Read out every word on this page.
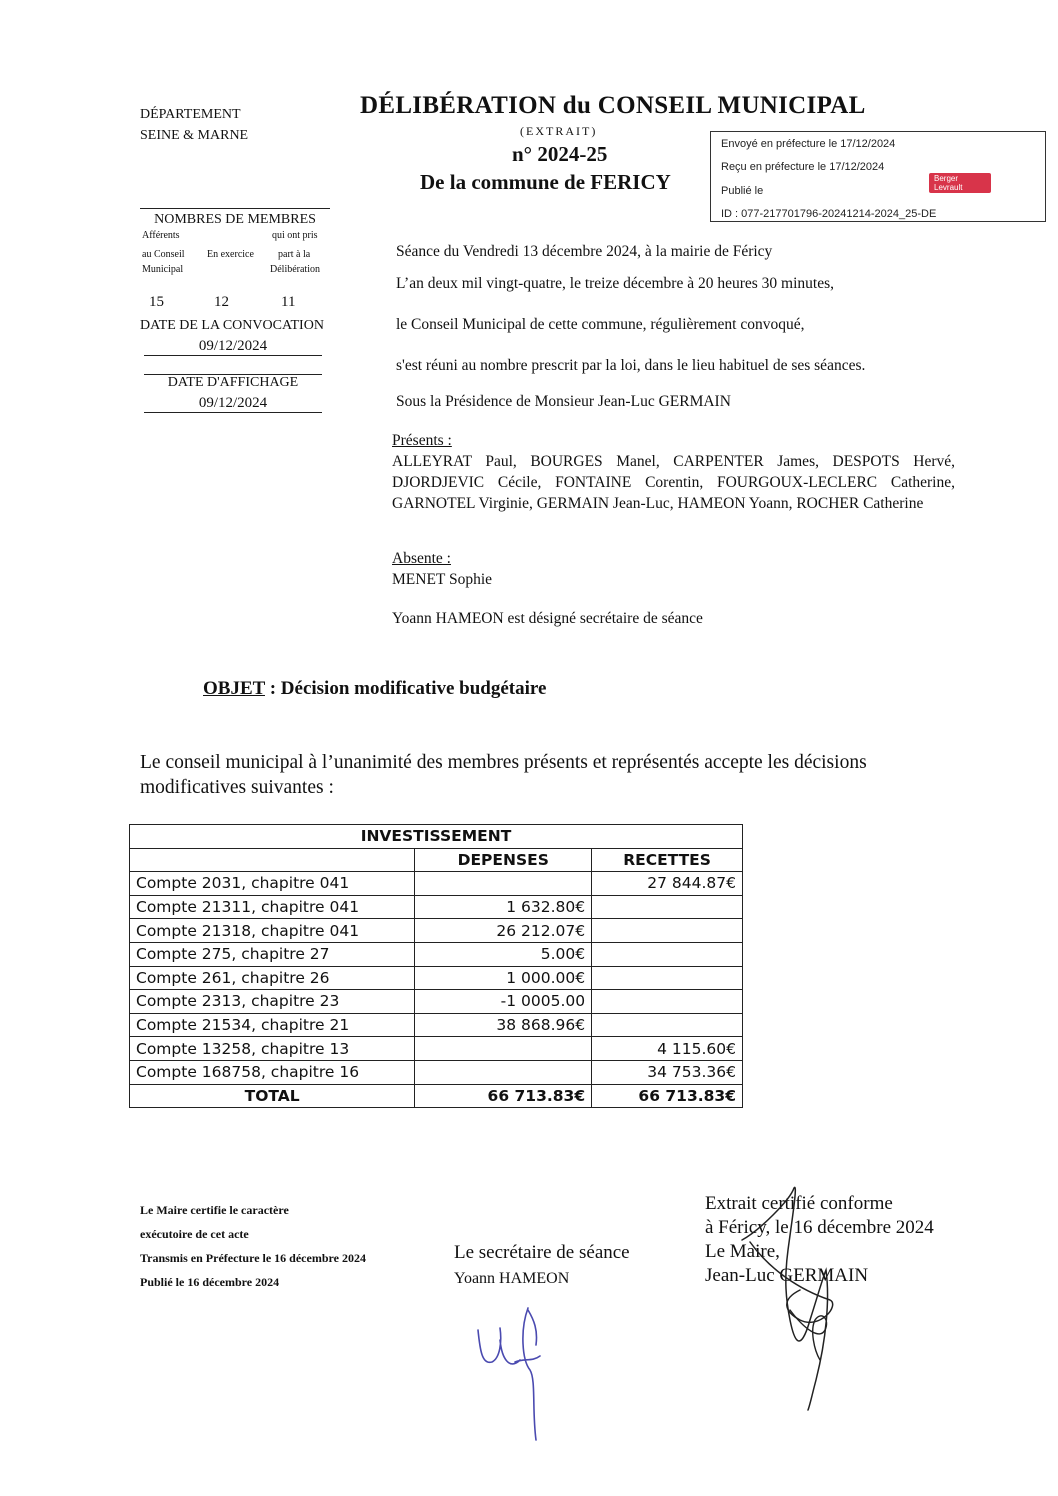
DÉPARTEMENT
SEINE & MARNE
DÉLIBÉRATION du CONSEIL MUNICIPAL
(EXTRAIT)
n° 2024-25
De la commune de FERICY
Envoyé en préfecture le 17/12/2024
Reçu en préfecture le 17/12/2024
Publié le
ID : 077-217701796-20241214-2024_25-DE
Berger
Levrault
NOMBRES DE MEMBRES
Afférents
au Conseil
Municipal
En exercice
qui ont pris
part à la
Délibération
15	12	11
DATE DE LA CONVOCATION
09/12/2024
DATE D'AFFICHAGE
09/12/2024
Séance du Vendredi 13 décembre 2024, à la mairie de Féricy
L’an deux mil vingt-quatre, le treize décembre à 20 heures 30 minutes,
le Conseil Municipal de cette commune, régulièrement convoqué,
s'est réuni au nombre prescrit par la loi, dans le lieu habituel de ses séances.
Sous la Présidence de Monsieur Jean-Luc GERMAIN
Présents :
ALLEYRAT Paul, BOURGES Manel, CARPENTER James, DESPOTS Hervé, DJORDJEVIC Cécile, FONTAINE Corentin, FOURGOUX-LECLERC Catherine, GARNOTEL Virginie, GERMAIN Jean-Luc, HAMEON Yoann, ROCHER Catherine
Absente :
MENET Sophie
Yoann HAMEON est désigné secrétaire de séance
OBJET : Décision modificative budgétaire
Le conseil municipal à l’unanimité des membres présents et représentés accepte les décisions modificatives suivantes :
INVESTISSEMENT		
	DEPENSES	RECETTES
Compte 2031, chapitre 041		27 844.87€
Compte 21311, chapitre 041	1 632.80€	
Compte 21318, chapitre 041	26 212.07€	
Compte 275, chapitre 27	5.00€	
Compte 261, chapitre 26	1 000.00€	
Compte 2313, chapitre 23	-1 0005.00	
Compte 21534, chapitre 21	38 868.96€	
Compte 13258, chapitre 13		4 115.60€
Compte 168758, chapitre 16		34 753.36€
TOTAL	66 713.83€	66 713.83€
Le Maire certifie le caractère
exécutoire de cet acte
Transmis en Préfecture le 16 décembre 2024
Publié le 16 décembre 2024
Le secrétaire de séance
Yoann HAMEON
Extrait certifié conforme
à Féricy, le 16 décembre 2024
Le Maire,
Jean-Luc GERMAIN
